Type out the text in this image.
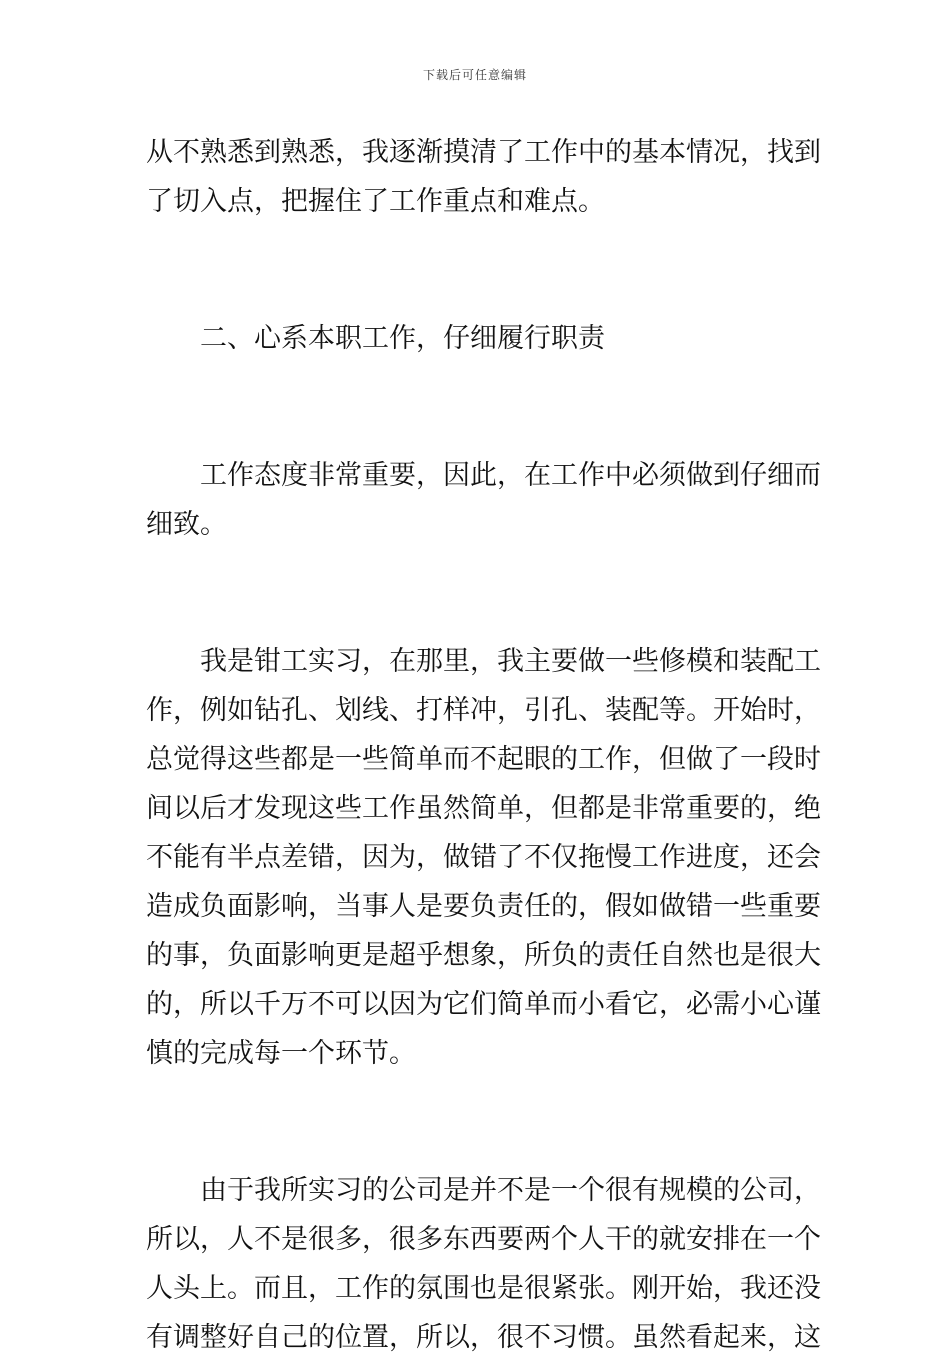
下载后可任意编辑
从不熟悉到熟悉，我逐渐摸清了工作中的基本情况，找到
了切入点，把握住了工作重点和难点。
二、心系本职工作，仔细履行职责
工作态度非常重要，因此，在工作中必须做到仔细而
细致。
我是钳工实习，在那里，我主要做一些修模和装配工
作，例如钻孔、划线、打样冲，引孔、装配等。开始时，
总觉得这些都是一些简单而不起眼的工作，但做了一段时
间以后才发现这些工作虽然简单，但都是非常重要的，绝
不能有半点差错，因为，做错了不仅拖慢工作进度，还会
造成负面影响，当事人是要负责任的，假如做错一些重要
的事，负面影响更是超乎想象，所负的责任自然也是很大
的，所以千万不可以因为它们简单而小看它，必需小心谨
慎的完成每一个环节。
由于我所实习的公司是并不是一个很有规模的公司，
所以，人不是很多，很多东西要两个人干的就安排在一个
人头上。而且，工作的氛围也是很紧张。刚开始，我还没
有调整好自己的位置，所以，很不习惯。虽然看起来，这
